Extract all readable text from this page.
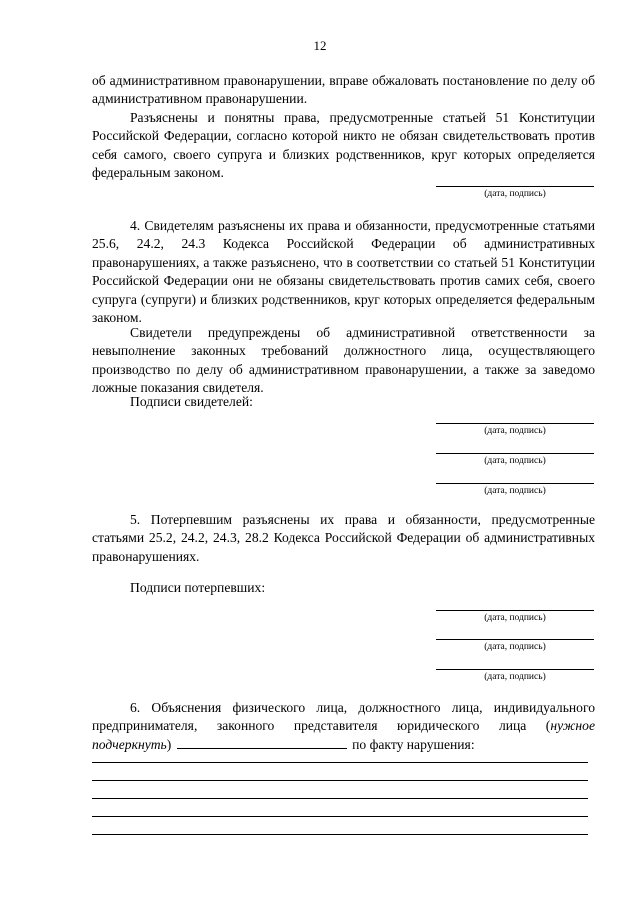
12

об административном правонарушении, вправе обжаловать постановление по делу об административном правонарушении.

Разъяснены и понятны права, предусмотренные статьей 51 Конституции Российской Федерации, согласно которой никто не обязан свидетельствовать против себя самого, своего супруга и близких родственников, круг которых определяется федеральным законом.

(дата, подпись)

4. Свидетелям разъяснены их права и обязанности, предусмотренные статьями 25.6, 24.2, 24.3 Кодекса Российской Федерации об административных правонарушениях, а также разъяснено, что в соответствии со статьей 51 Конституции Российской Федерации они не обязаны свидетельствовать против самих себя, своего супруга (супруги) и близких родственников, круг которых определяется федеральным законом.

Свидетели предупреждены об административной ответственности за невыполнение законных требований должностного лица, осуществляющего производство по делу об административном правонарушении, а также за заведомо ложные показания свидетеля.

Подписи свидетелей:

(дата, подпись)
(дата, подпись)
(дата, подпись)

5. Потерпевшим разъяснены их права и обязанности, предусмотренные статьями 25.2, 24.2, 24.3, 28.2 Кодекса Российской Федерации об административных правонарушениях.

Подписи потерпевших:

(дата, подпись)
(дата, подпись)
(дата, подпись)

6. Объяснения физического лица, должностного лица, индивидуального предпринимателя, законного представителя юридического лица (нужное подчеркнуть)	по факту нарушения:
